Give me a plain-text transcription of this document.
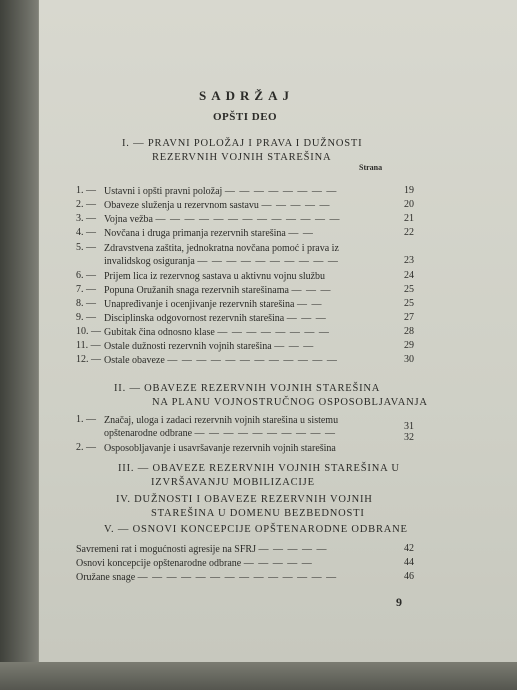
SADRŽAJ
OPŠTI DEO
I. — PRAVNI POLOŽAJ I PRAVA I DUŽNOSTI
REZERVNIH VOJNIH STAREŠINA
Strana
1. — Ustavni i opšti pravni položaj — — — — — — — —	19
2. — Obaveze služenja u rezervnom sastavu — — — — —	20
3. — Vojna vežba — — — — — — — — — — — — —	21
4. — Novčana i druga primanja rezervnih starešina — —	22
5. — Zdravstvena zaštita, jednokratna novčana pomoć i prava iz
invalidskog osiguranja — — — — — — — — — —	23
6. — Prijem lica iz rezervnog sastava u aktivnu vojnu službu	24
7. — Popuna Oružanih snaga rezervnih starešinama — — —	25
8. — Unapređivanje i ocenjivanje rezervnih starešina — —	25
9. — Disciplinska odgovornost rezervnih starešina — — —	27
10. — Gubitak čina odnosno klase — — — — — — — —	28
11. — Ostale dužnosti rezervnih vojnih starešina — — —	29
12. — Ostale obaveze — — — — — — — — — — — —	30
II. — OBAVEZE REZERVNIH VOJNIH STAREŠINA
NA PLANU VOJNOSTRUČNOG OSPOSOBLJAVANJA
1. — Značaj, uloga i zadaci rezervnih vojnih starešina u sistemu
opštenarodne odbrane — — — — — — — — — —
31
2. — Osposobljavanje i usavršavanje rezervnih vojnih starešina
32
III. — OBAVEZE REZERVNIH VOJNIH STAREŠINA U
IZVRŠAVANJU MOBILIZACIJE
IV. DUŽNOSTI I OBAVEZE REZERVNIH VOJNIH
STAREŠINA U DOMENU BEZBEDNOSTI
V. — OSNOVI KONCEPCIJE OPŠTENARODNE ODBRANE
Savremeni rat i mogućnosti agresije na SFRJ — — — — —	42
Osnovi koncepcije opštenarodne odbrane — — — — —	44
Oružane snage — — — — — — — — — — — — — —	46
9
